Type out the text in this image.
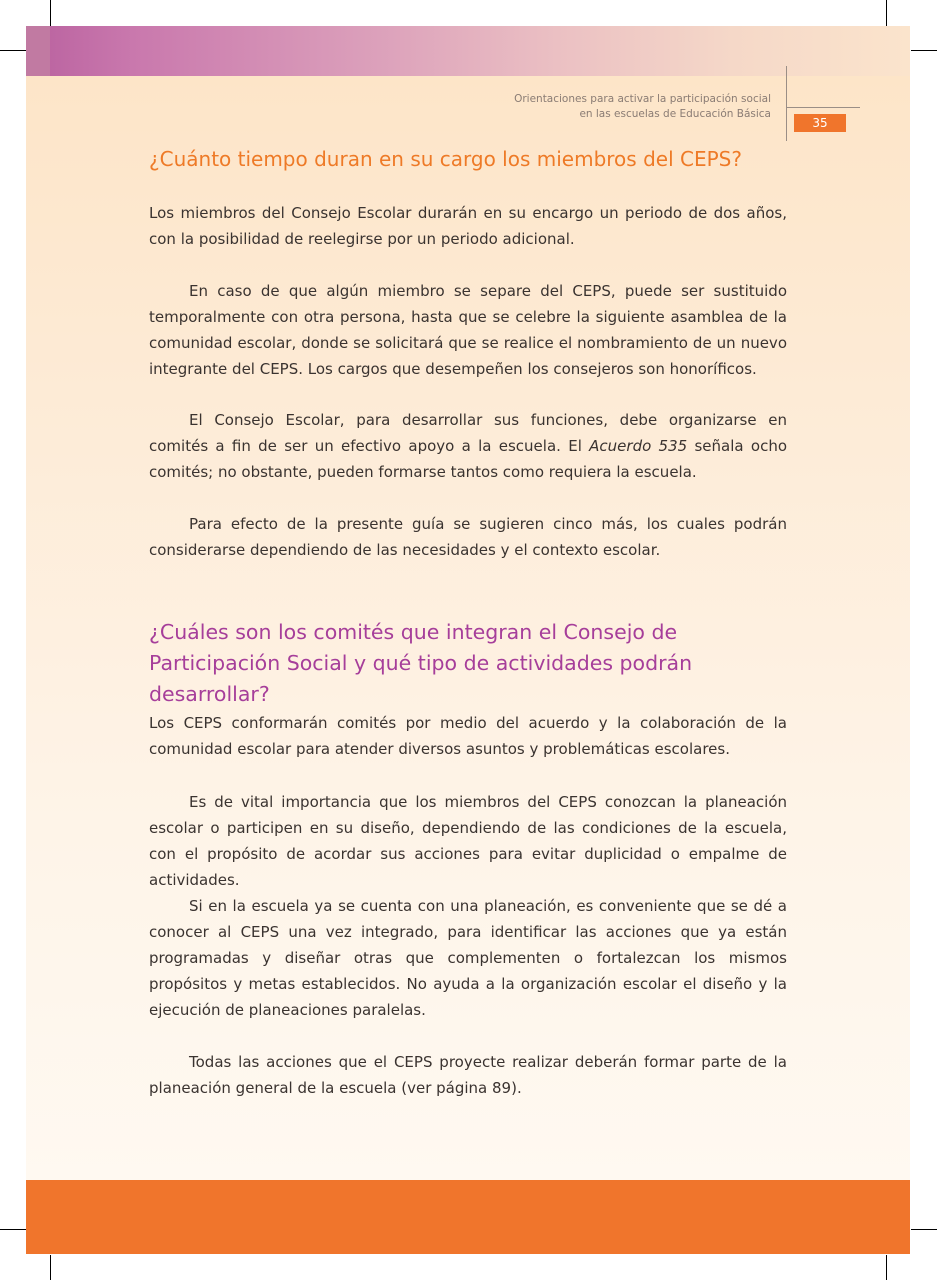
Orientaciones para activar la participación social
en las escuelas de Educación Básica
35
¿Cuánto tiempo duran en su cargo los miembros del CEPS?

Los miembros del Consejo Escolar durarán en su encargo un periodo de dos años, con la posibilidad de reelegirse por un periodo adicional.

En caso de que algún miembro se separe del CEPS, puede ser sustituido temporalmente con otra persona, hasta que se celebre la siguiente asamblea de la comunidad escolar, donde se solicitará que se realice el nombramiento de un nuevo integrante del CEPS. Los cargos que desempeñen los consejeros son honoríficos.

El Consejo Escolar, para desarrollar sus funciones, debe organizarse en comités a fin de ser un efectivo apoyo a la escuela. El Acuerdo 535 señala ocho comités; no obstante, pueden formarse tantos como requiera la escuela.

Para efecto de la presente guía se sugieren cinco más, los cuales podrán considerarse dependiendo de las necesidades y el contexto escolar.

¿Cuáles son los comités que integran el Consejo de Participación Social y qué tipo de actividades podrán desarrollar?

Los CEPS conformarán comités por medio del acuerdo y la colaboración de la comunidad escolar para atender diversos asuntos y problemáticas escolares.

Es de vital importancia que los miembros del CEPS conozcan la planeación escolar o participen en su diseño, dependiendo de las condiciones de la escuela, con el propósito de acordar sus acciones para evitar duplicidad o empalme de actividades.

Si en la escuela ya se cuenta con una planeación, es conveniente que se dé a conocer al CEPS una vez integrado, para identificar las acciones que ya están programadas y diseñar otras que complementen o fortalezcan los mismos propósitos y metas establecidos. No ayuda a la organización escolar el diseño y la ejecución de planeaciones paralelas.

Todas las acciones que el CEPS proyecte realizar deberán formar parte de la planeación general de la escuela (ver página 89).
